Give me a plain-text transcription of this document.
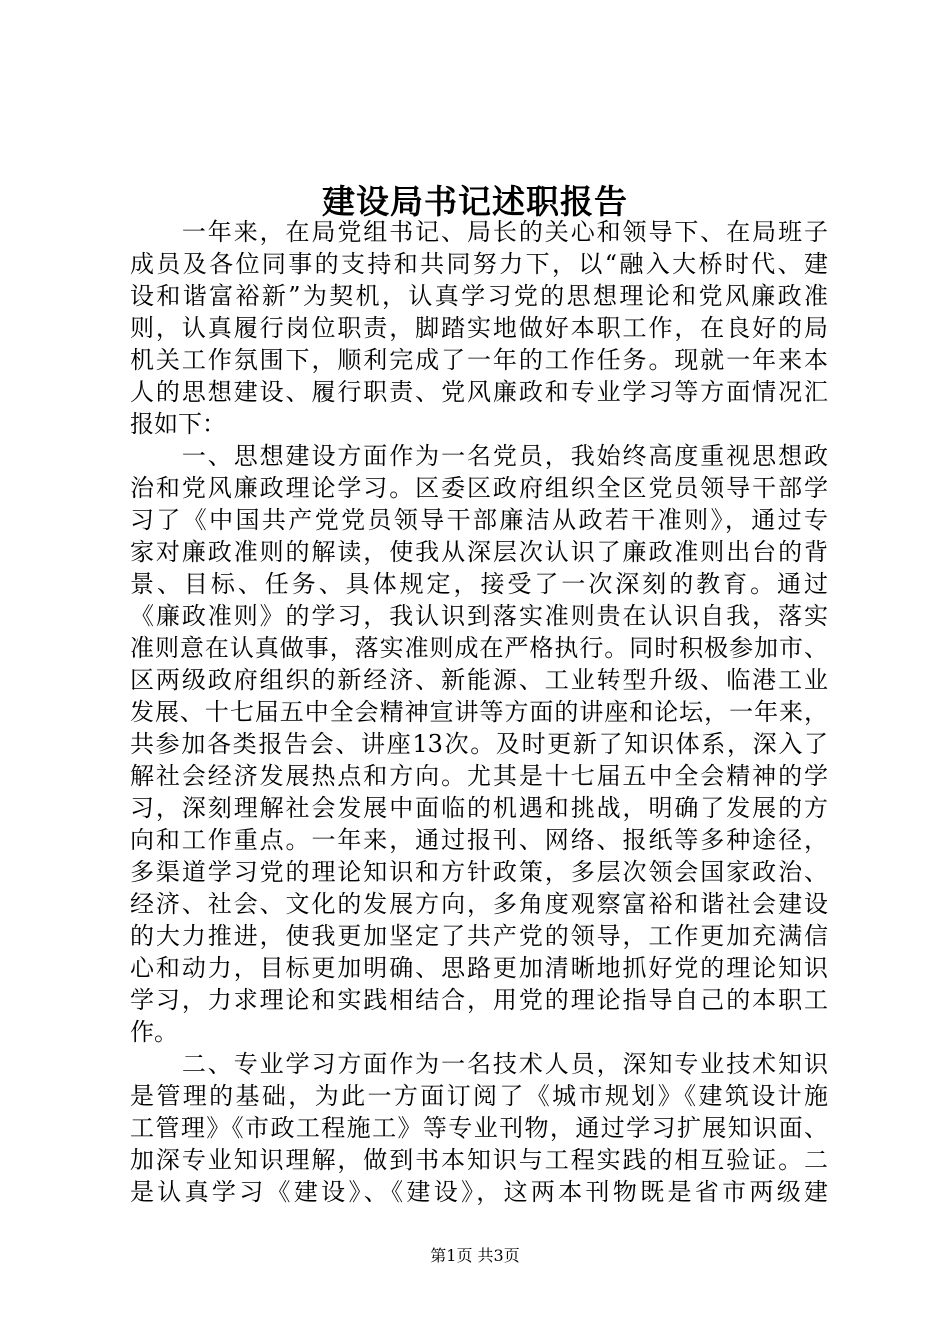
建设局书记述职报告
　　一年来，在局党组书记、局长的关心和领导下、在局班子
成员及各位同事的支持和共同努力下，以“融入大桥时代、建
设和谐富裕新”为契机，认真学习党的思想理论和党风廉政准
则，认真履行岗位职责，脚踏实地做好本职工作，在良好的局
机关工作氛围下，顺利完成了一年的工作任务。现就一年来本
人的思想建设、履行职责、党风廉政和专业学习等方面情况汇
报如下：
　　一、思想建设方面作为一名党员，我始终高度重视思想政
治和党风廉政理论学习。区委区政府组织全区党员领导干部学
习了《中国共产党党员领导干部廉洁从政若干准则》，通过专
家对廉政准则的解读，使我从深层次认识了廉政准则出台的背
景、目标、任务、具体规定，接受了一次深刻的教育。通过
《廉政准则》的学习，我认识到落实准则贵在认识自我，落实
准则意在认真做事，落实准则成在严格执行。同时积极参加市、
区两级政府组织的新经济、新能源、工业转型升级、临港工业
发展、十七届五中全会精神宣讲等方面的讲座和论坛，一年来，
共参加各类报告会、讲座13次。及时更新了知识体系，深入了
解社会经济发展热点和方向。尤其是十七届五中全会精神的学
习，深刻理解社会发展中面临的机遇和挑战，明确了发展的方
向和工作重点。一年来，通过报刊、网络、报纸等多种途径，
多渠道学习党的理论知识和方针政策，多层次领会国家政治、
经济、社会、文化的发展方向，多角度观察富裕和谐社会建设
的大力推进，使我更加坚定了共产党的领导，工作更加充满信
心和动力，目标更加明确、思路更加清晰地抓好党的理论知识
学习，力求理论和实践相结合，用党的理论指导自己的本职工
作。
　　二、专业学习方面作为一名技术人员，深知专业技术知识
是管理的基础，为此一方面订阅了《城市规划》《建筑设计施
工管理》《市政工程施工》等专业刊物，通过学习扩展知识面、
加深专业知识理解，做到书本知识与工程实践的相互验证。二
是认真学习《建设》、《建设》，这两本刊物既是省市两级建
第1页 共3页
